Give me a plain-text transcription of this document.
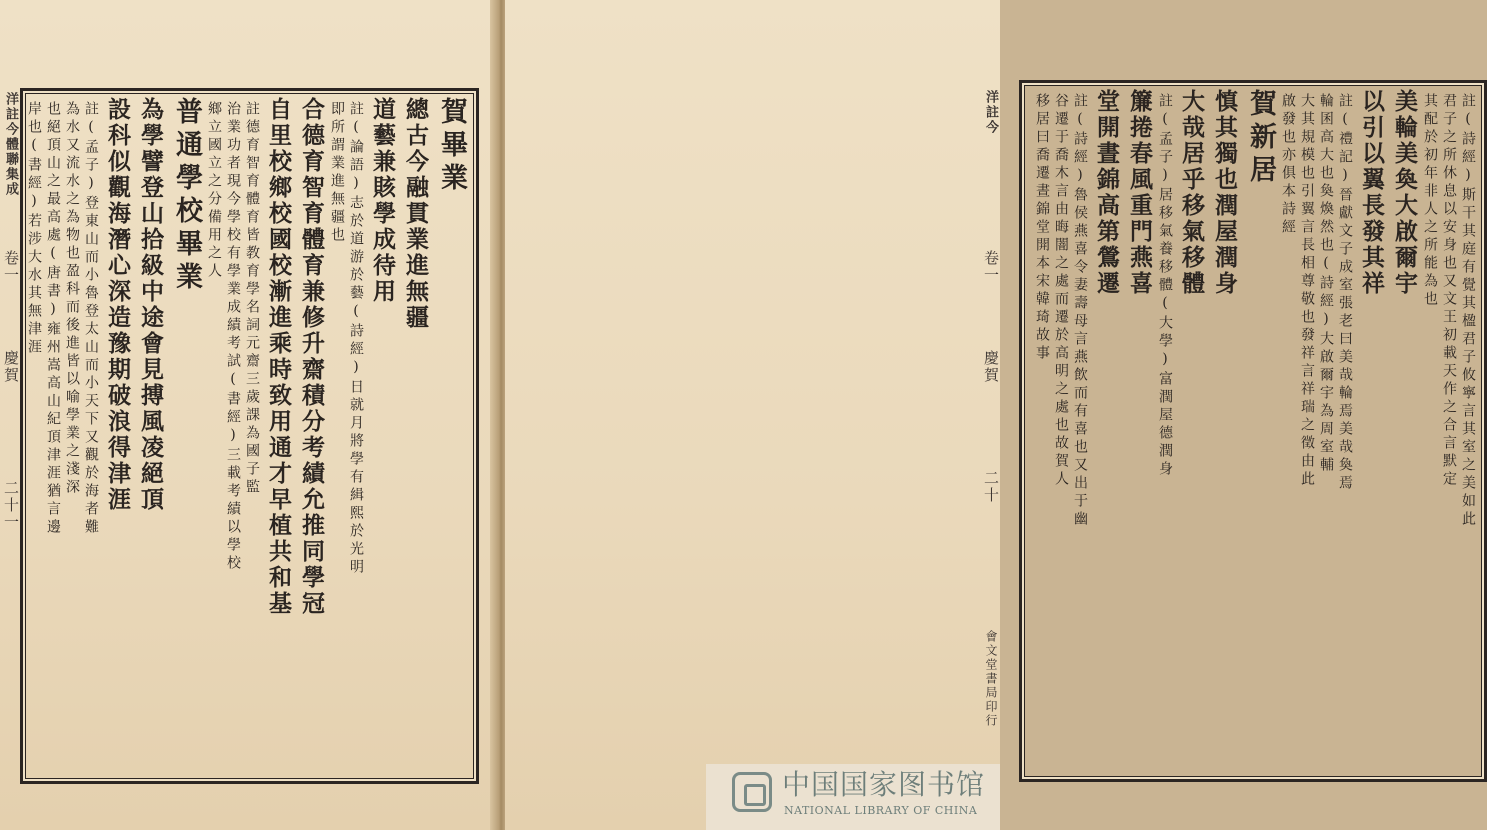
洋註今體聯集成
卷一
慶賀
二十一
賀畢業
總古今融貫業進無疆
道藝兼賅學成待用
註(論語)志於道游於藝(詩經)日就月將學有緝熙於光明
即所謂業進無疆也
合德育智育體育兼修升齋積分考績允推同學冠
自里校鄉校國校漸進乘時致用通才早植共和基
註德育智育體育皆教育學名詞元齋三歲課為國子監
治業功者現今學校有學業成績考試(書經)三載考績以學校
鄉立國立之分備用之人
普通學校畢業
為學譬登山拾級中途會見搏風凌絕頂
設科似觀海潛心深造豫期破浪得津涯
註(孟子)登東山而小魯登太山而小天下又觀於海者難
為水又流水之為物也盈科而後進皆以喻學業之淺深
也絕頂山之最高處(唐書)雍州嵩高山紀頂津涯猶言邊
岸也(書經)若涉大水其無津涯	註(詩經)斯干其庭有覺其楹君子攸寧言其室之美如此
君子之所休息以安身也又文王初載天作之合言默定
其配於初年非人之所能為也
美輪美奐大啟爾宇
以引以翼長發其祥
註(禮記)晉獻文子成室張老曰美哉輪焉美哉奐焉
輪囷高大也奐煥然也(詩經)大啟爾宇為周室輔
大其規模也引翼言長相尊敬也發祥言祥瑞之徵由此
啟發也亦俱本詩經
賀新居
慎其獨也潤屋潤身
大哉居乎移氣移體
註(孟子)居移氣養移體(大學)富潤屋德潤身
簾捲春風重門燕喜
堂開晝錦高第鶯遷
註(詩經)魯侯燕喜令妻壽母言燕飲而有喜也又出于幽
谷遷于喬木言由晦闇之處而遷於高明之處也故賀人
移居曰喬遷晝錦堂開本宋韓琦故事
洋註今
卷一
慶賀
二十
會文堂書局印行
中国国家图书馆
NATIONAL LIBRARY OF CHINA
